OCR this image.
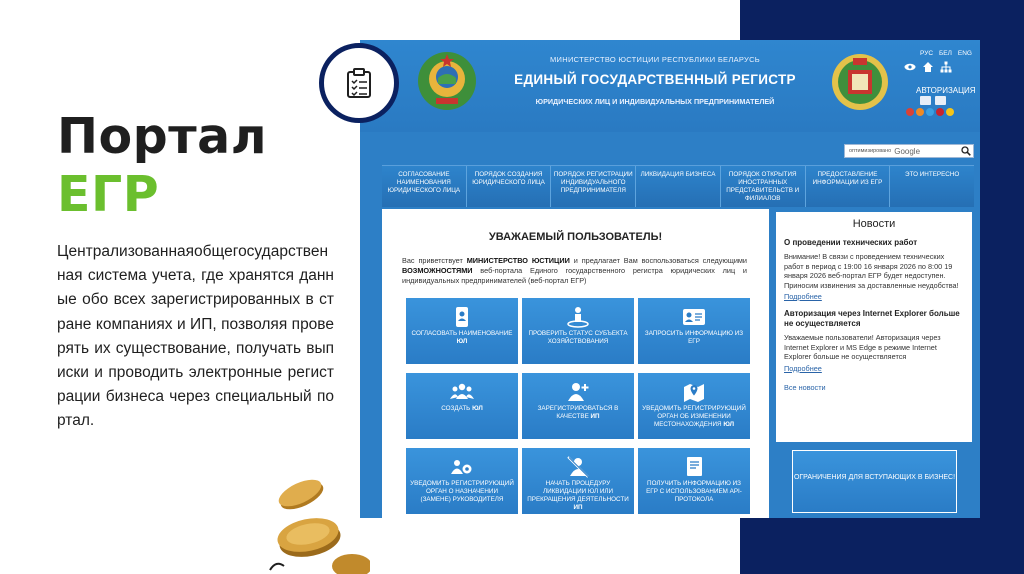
Портал
ЕГР
Централизованнаяобщегосударственная система учета, где хранятся данные обо всех зарегистрированных в стране компаниях и ИП, позволяя проверять их существование, получать выписки и проводить электронные регистрации бизнеса через специальный портал.
МИНИСТЕРСТВО ЮСТИЦИИ РЕСПУБЛИКИ БЕЛАРУСЬ
ЕДИНЫЙ ГОСУДАРСТВЕННЫЙ РЕГИСТР
ЮРИДИЧЕСКИХ ЛИЦ И ИНДИВИДУАЛЬНЫХ ПРЕДПРИНИМАТЕЛЕЙ
РУС БЕЛ ENG
АВТОРИЗАЦИЯ
оптимизировано Google
СОГЛАСОВАНИЕ НАИМЕНОВАНИЯ ЮРИДИЧЕСКОГО ЛИЦА
ПОРЯДОК СОЗДАНИЯ ЮРИДИЧЕСКОГО ЛИЦА
ПОРЯДОК РЕГИСТРАЦИИ ИНДИВИДУАЛЬНОГО ПРЕДПРИНИМАТЕЛЯ
ЛИКВИДАЦИЯ БИЗНЕСА	ПОРЯДОК ОТКРЫТИЯ ИНОСТРАННЫХ ПРЕДСТАВИТЕЛЬСТВ И ФИЛИАЛОВ
ПРЕДОСТАВЛЕНИЕ ИНФОРМАЦИИ ИЗ ЕГР
ЭТО ИНТЕРЕСНО
УВАЖАЕМЫЙ ПОЛЬЗОВАТЕЛЬ!
Вас приветствует МИНИСТЕРСТВО ЮСТИЦИИ и предлагает Вам воспользоваться следующими ВОЗМОЖНОСТЯМИ веб-портала Единого государственного регистра юридических лиц и индивидуальных предпринимателей (веб-портал ЕГР)
СОГЛАСОВАТЬ НАИМЕНОВАНИЕ ЮЛ
ПРОВЕРИТЬ СТАТУС СУБЪЕКТА ХОЗЯЙСТВОВАНИЯ
ЗАПРОСИТЬ ИНФОРМАЦИЮ ИЗ ЕГР
СОЗДАТЬ ЮЛ	ЗАРЕГИСТРИРОВАТЬСЯ В КАЧЕСТВЕ ИП
УВЕДОМИТЬ РЕГИСТРИРУЮЩИЙ ОРГАН ОБ ИЗМЕНЕНИИ МЕСТОНАХОЖДЕНИЯ ЮЛ
УВЕДОМИТЬ РЕГИСТРИРУЮЩИЙ ОРГАН О НАЗНАЧЕНИИ (ЗАМЕНЕ) РУКОВОДИТЕЛЯ
НАЧАТЬ ПРОЦЕДУРУ ЛИКВИДАЦИИ ЮЛ ИЛИ ПРЕКРАЩЕНИЯ ДЕЯТЕЛЬНОСТИ ИП
ПОЛУЧИТЬ ИНФОРМАЦИЮ ИЗ ЕГР С ИСПОЛЬЗОВАНИЕМ API-ПРОТОКОЛА
Новости
О проведении технических работ
Внимание! В связи с проведением технических работ в период с 19:00 16 января 2026 по 8:00 19 января 2026 веб-портал ЕГР будет недоступен. Приносим извинения за доставленные неудобства!
Подробнее
Авторизация через Internet Explorer больше не осуществляется
Уважаемые пользователи! Авторизация через Internet Explorer и MS Edge в режиме Internet Explorer больше не осуществляется
Подробнее
Все новости
ОГРАНИЧЕНИЯ ДЛЯ ВСТУПАЮЩИХ В БИЗНЕС!
